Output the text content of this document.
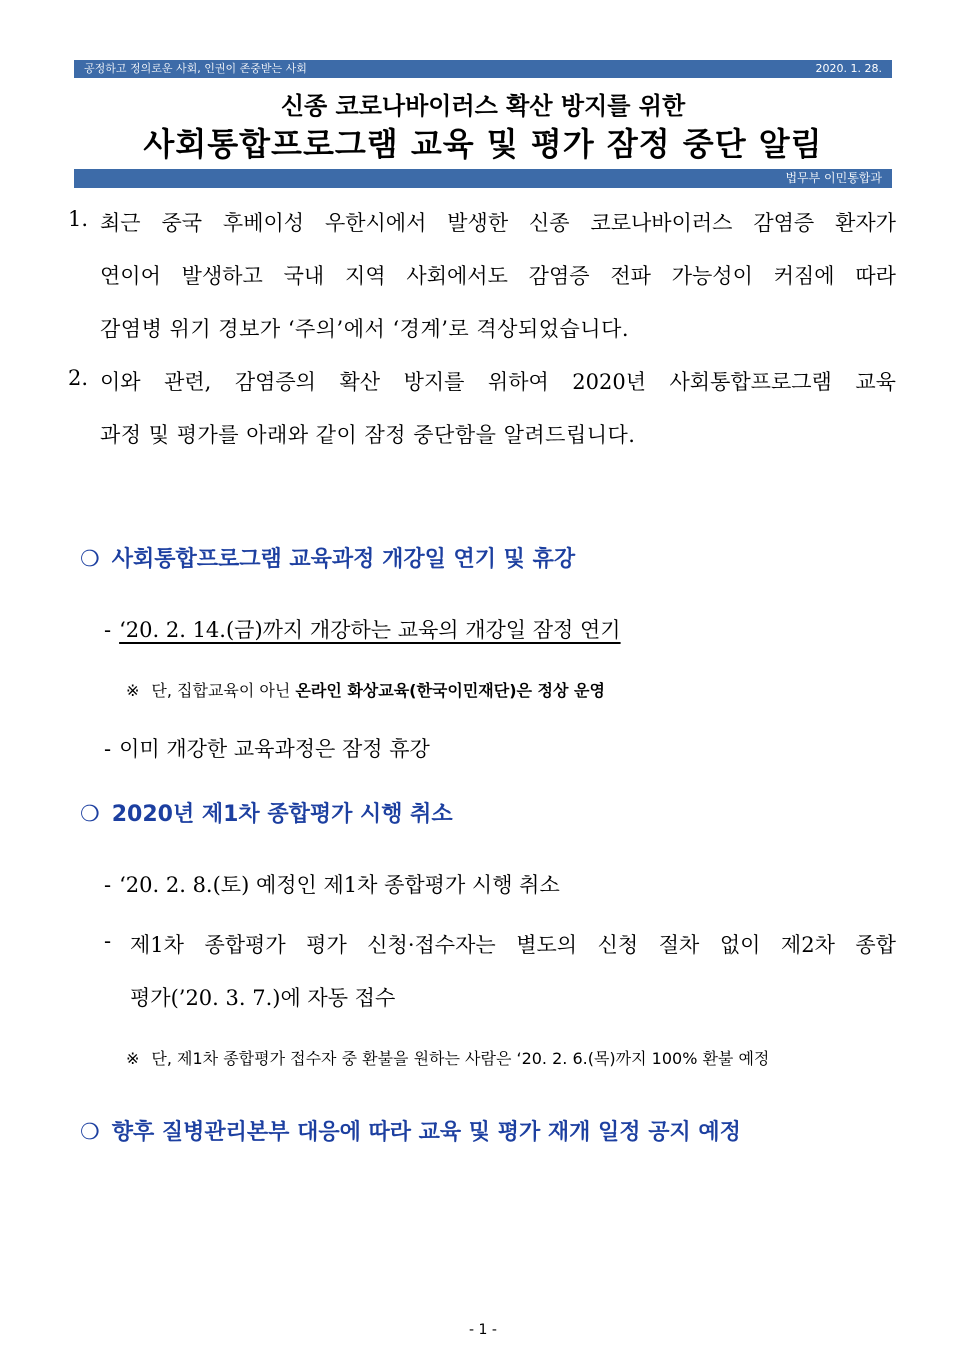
공정하고 정의로운 사회, 인권이 존중받는 사회	2020. 1. 28.
신종 코로나바이러스 확산 방지를 위한
사회통합프로그램 교육 및 평가 잠정 중단 알림
법무부 이민통합과
1. 최근 중국 후베이성 우한시에서 발생한 신종 코로나바이러스 감염증 환자가
연이어 발생하고 국내 지역 사회에서도 감염증 전파 가능성이 커짐에 따라
감염병 위기 경보가 ‘주의’에서 ‘경계’로 격상되었습니다.
2. 이와 관련, 감염증의 확산 방지를 위하여 2020년 사회통합프로그램 교육
과정 및 평가를 아래와 같이 잠정 중단함을 알려드립니다.
❍ 사회통합프로그램 교육과정 개강일 연기 및 휴강
- ‘20. 2. 14.(금)까지 개강하는 교육의 개강일 잠정 연기
※ 단, 집합교육이 아닌 온라인 화상교육(한국이민재단)은 정상 운영
- 이미 개강한 교육과정은 잠정 휴강
❍ 2020년 제1차 종합평가 시행 취소
- ‘20. 2. 8.(토) 예정인 제1차 종합평가 시행 취소
- 제1차 종합평가 평가 신청·접수자는 별도의 신청 절차 없이 제2차 종합
평가(’20. 3. 7.)에 자동 접수
※ 단, 제1차 종합평가 접수자 중 환불을 원하는 사람은 ‘20. 2. 6.(목)까지 100% 환불 예정
❍ 향후 질병관리본부 대응에 따라 교육 및 평가 재개 일정 공지 예정
- 1 -
